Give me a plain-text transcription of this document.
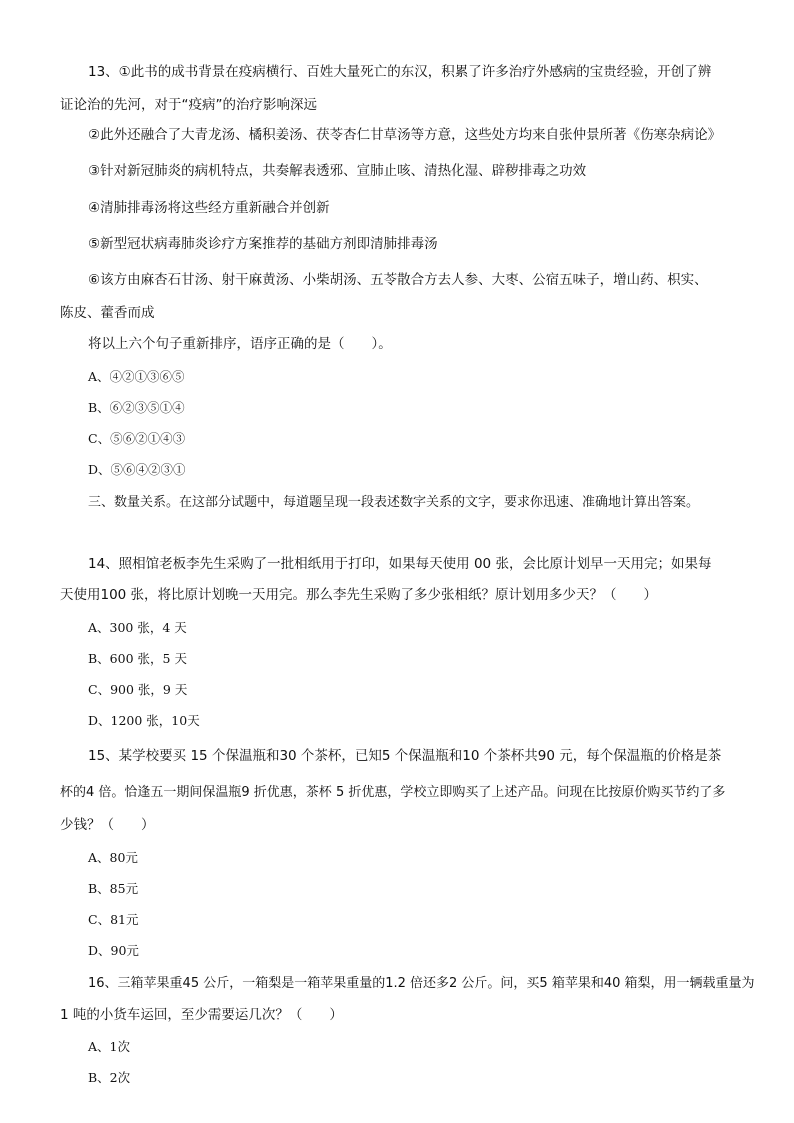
13、①此书的成书背景在疫病横行、百姓大量死亡的东汉，积累了许多治疗外感病的宝贵经验，开创了辨
证论治的先河，对于“疫病”的治疗影响深远
②此外还融合了大青龙汤、橘积姜汤、茯苓杏仁甘草汤等方意，这些处方均来自张仲景所著《伤寒杂病论》
③针对新冠肺炎的病机特点，共奏解表透邪、宣肺止咳、清热化湿、辟秽排毒之功效
④清肺排毒汤将这些经方重新融合并创新
⑤新型冠状病毒肺炎诊疗方案推荐的基础方剂即清肺排毒汤
⑥该方由麻杏石甘汤、射干麻黄汤、小柴胡汤、五苓散合方去人参、大枣、公宿五味子，增山药、枳实、
陈皮、藿香而成
将以上六个句子重新排序，语序正确的是（　　）。
A、④②①③⑥⑤
B、⑥②③⑤①④
C、⑤⑥②①④③
D、⑤⑥④②③①
三、数量关系。在这部分试题中，每道题呈现一段表述数字关系的文字，要求你迅速、准确地计算出答案。
14、照相馆老板李先生采购了一批相纸用于打印，如果每天使用 00 张，会比原计划早一天用完；如果每
天使用100 张，将比原计划晚一天用完。那么李先生采购了多少张相纸？原计划用多少天？（　　）
A、300 张，4 天
B、600 张，5 天
C、900 张，9 天
D、1200 张，10天
15、某学校要买 15 个保温瓶和30 个茶杯，已知5 个保温瓶和10 个茶杯共90 元，每个保温瓶的价格是茶
杯的4 倍。恰逢五一期间保温瓶9 折优惠，茶杯 5 折优惠，学校立即购买了上述产品。问现在比按原价购买节约了多
少钱？（　　）
A、80元
B、85元
C、81元
D、90元
16、三箱苹果重45 公斤，一箱梨是一箱苹果重量的1.2 倍还多2 公斤。问，买5 箱苹果和40 箱梨，用一辆载重量为
1 吨的小货车运回，至少需要运几次？（　　）
A、1次
B、2次
